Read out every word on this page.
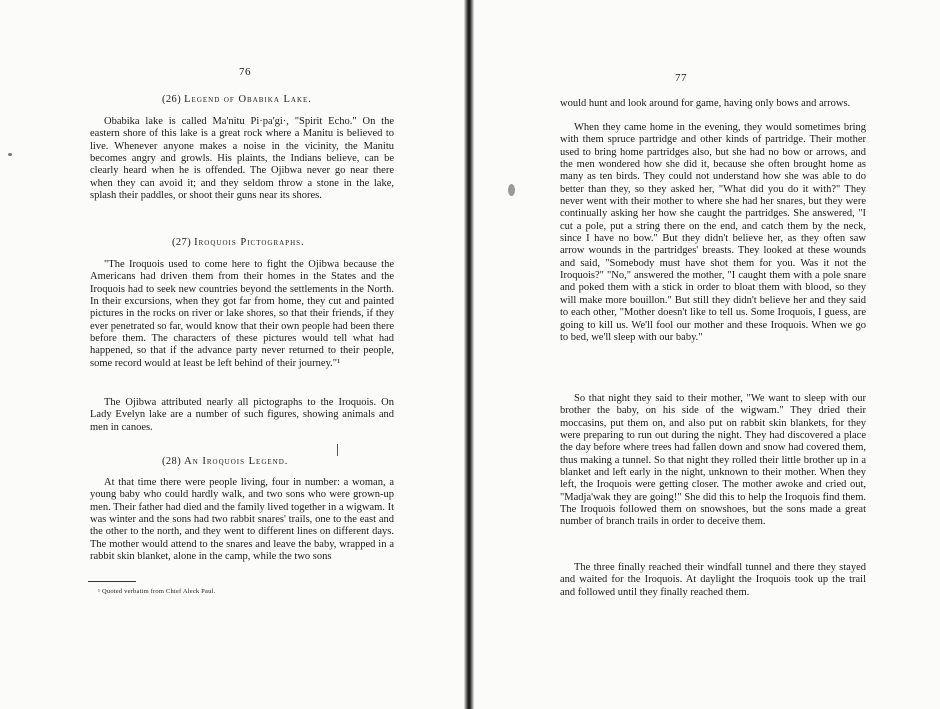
76
(26) Legend of Obabika Lake.

Obabika lake is called Ma'nitu Pi·pa'gi·, "Spirit Echo." On the eastern shore of this lake is a great rock where a Manitu is believed to live. Whenever anyone makes a noise in the vicinity, the Manitu becomes angry and growls. His plaints, the Indians believe, can be clearly heard when he is offended. The Ojibwa never go near there when they can avoid it; and they seldom throw a stone in the lake, splash their paddles, or shoot their guns near its shores.

(27) Iroquois Pictographs.

"The Iroquois used to come here to fight the Ojibwa because the Americans had driven them from their homes in the States and the Iroquois had to seek new countries beyond the settlements in the North. In their excursions, when they got far from home, they cut and painted pictures in the rocks on river or lake shores, so that their friends, if they ever penetrated so far, would know that their own people had been there before them. The characters of these pictures would tell what had happened, so that if the advance party never returned to their people, some record would at least be left behind of their journey."¹

The Ojibwa attributed nearly all pictographs to the Iroquois. On Lady Evelyn lake are a number of such figures, showing animals and men in canoes.

(28) An Iroquois Legend.

At that time there were people living, four in number: a woman, a young baby who could hardly walk, and two sons who were grown-up men. Their father had died and the family lived together in a wigwam. It was winter and the sons had two rabbit snares' trails, one to the east and the other to the north, and they went to different lines on different days. The mother would attend to the snares and leave the baby, wrapped in a rabbit skin blanket, alone in the camp, while the two sons

¹ Quoted verbatim from Chief Aleck Paul.
77

would hunt and look around for game, having only bows and arrows.

When they came home in the evening, they would sometimes bring with them spruce partridge and other kinds of partridge. Their mother used to bring home partridges also, but she had no bow or arrows, and the men wondered how she did it, because she often brought home as many as ten birds. They could not understand how she was able to do better than they, so they asked her, "What did you do it with?" They never went with their mother to where she had her snares, but they were continually asking her how she caught the partridges. She answered, "I cut a pole, put a string there on the end, and catch them by the neck, since I have no bow." But they didn't believe her, as they often saw arrow wounds in the partridges' breasts. They looked at these wounds and said, "Somebody must have shot them for you. Was it not the Iroquois?" "No," answered the mother, "I caught them with a pole snare and poked them with a stick in order to bloat them with blood, so they will make more bouillon." But still they didn't believe her and they said to each other, "Mother doesn't like to tell us. Some Iroquois, I guess, are going to kill us. We'll fool our mother and these Iroquois. When we go to bed, we'll sleep with our baby."

So that night they said to their mother, "We want to sleep with our brother the baby, on his side of the wigwam." They dried their moccasins, put them on, and also put on rabbit skin blankets, for they were preparing to run out during the night. They had discovered a place the day before where trees had fallen down and snow had covered them, thus making a tunnel. So that night they rolled their little brother up in a blanket and left early in the night, unknown to their mother. When they left, the Iroquois were getting closer. The mother awoke and cried out, "Madja'wak they are going!" She did this to help the Iroquois find them. The Iroquois followed them on snowshoes, but the sons made a great number of branch trails in order to deceive them.

The three finally reached their windfall tunnel and there they stayed and waited for the Iroquois. At daylight the Iroquois took up the trail and followed until they finally reached them.
